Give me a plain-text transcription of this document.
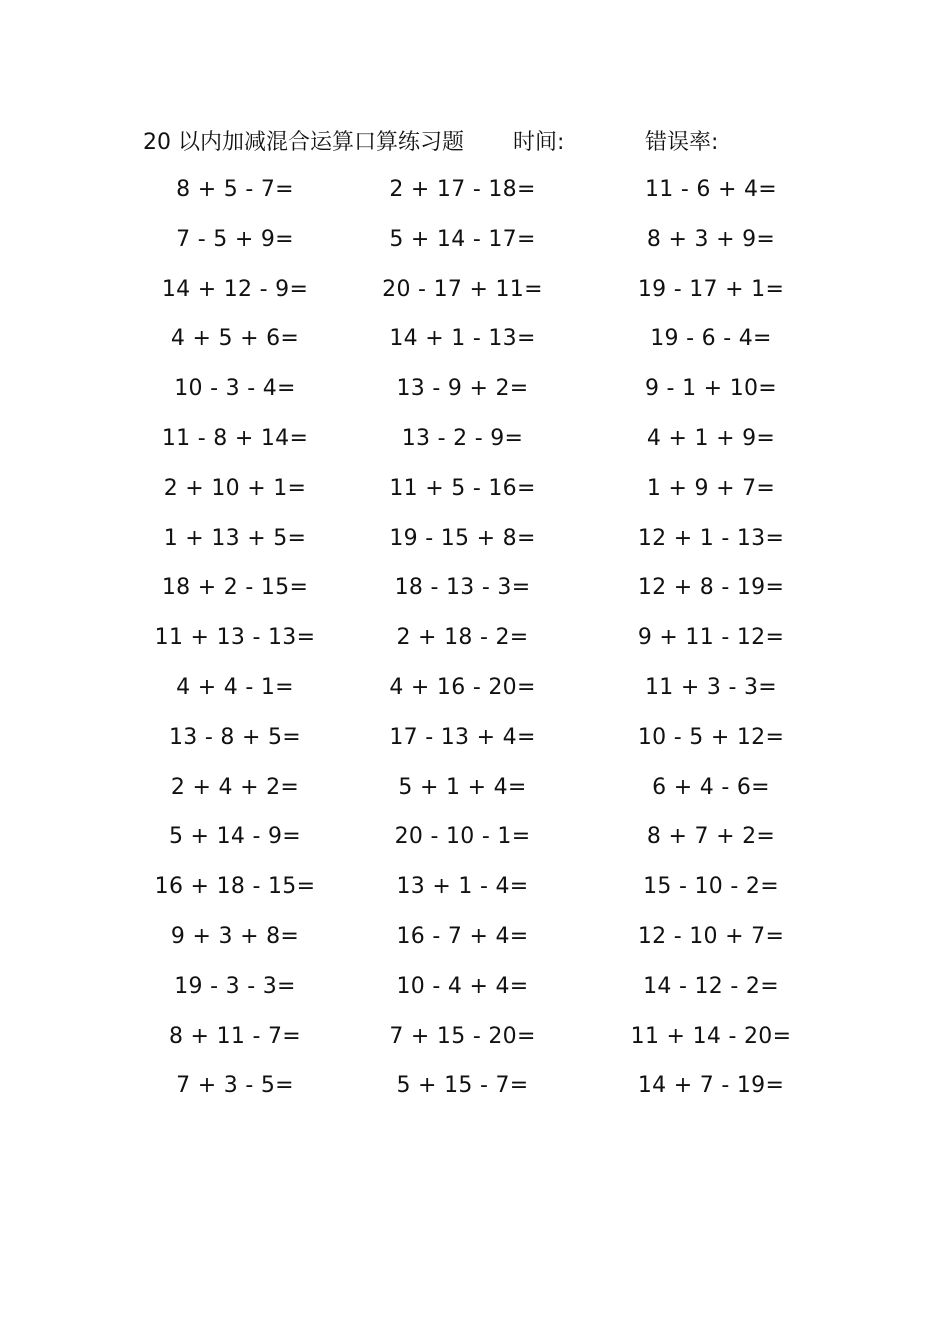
20 以内加减混合运算口算练习题 时间:	错误率:
8 + 5 - 7=	2 + 17 - 18=	11 - 6 + 4=
7 - 5 + 9=	5 + 14 - 17=	8 + 3 + 9=
14 + 12 - 9=	20 - 17 + 11=	19 - 17 + 1=
4 + 5 + 6=	14 + 1 - 13=	19 - 6 - 4=
10 - 3 - 4=	13 - 9 + 2=	9 - 1 + 10=
11 - 8 + 14=	13 - 2 - 9=	4 + 1 + 9=
2 + 10 + 1=	11 + 5 - 16=	1 + 9 + 7=
1 + 13 + 5=	19 - 15 + 8=	12 + 1 - 13=
18 + 2 - 15=	18 - 13 - 3=	12 + 8 - 19=
11 + 13 - 13=	2 + 18 - 2=	9 + 11 - 12=
4 + 4 - 1=	4 + 16 - 20=	11 + 3 - 3=
13 - 8 + 5=	17 - 13 + 4=	10 - 5 + 12=
2 + 4 + 2=	5 + 1 + 4=	6 + 4 - 6=
5 + 14 - 9=	20 - 10 - 1=	8 + 7 + 2=
16 + 18 - 15=	13 + 1 - 4=	15 - 10 - 2=
9 + 3 + 8=	16 - 7 + 4=	12 - 10 + 7=
19 - 3 - 3=	10 - 4 + 4=	14 - 12 - 2=
8 + 11 - 7=	7 + 15 - 20=	11 + 14 - 20=
7 + 3 - 5=	5 + 15 - 7=	14 + 7 - 19=
